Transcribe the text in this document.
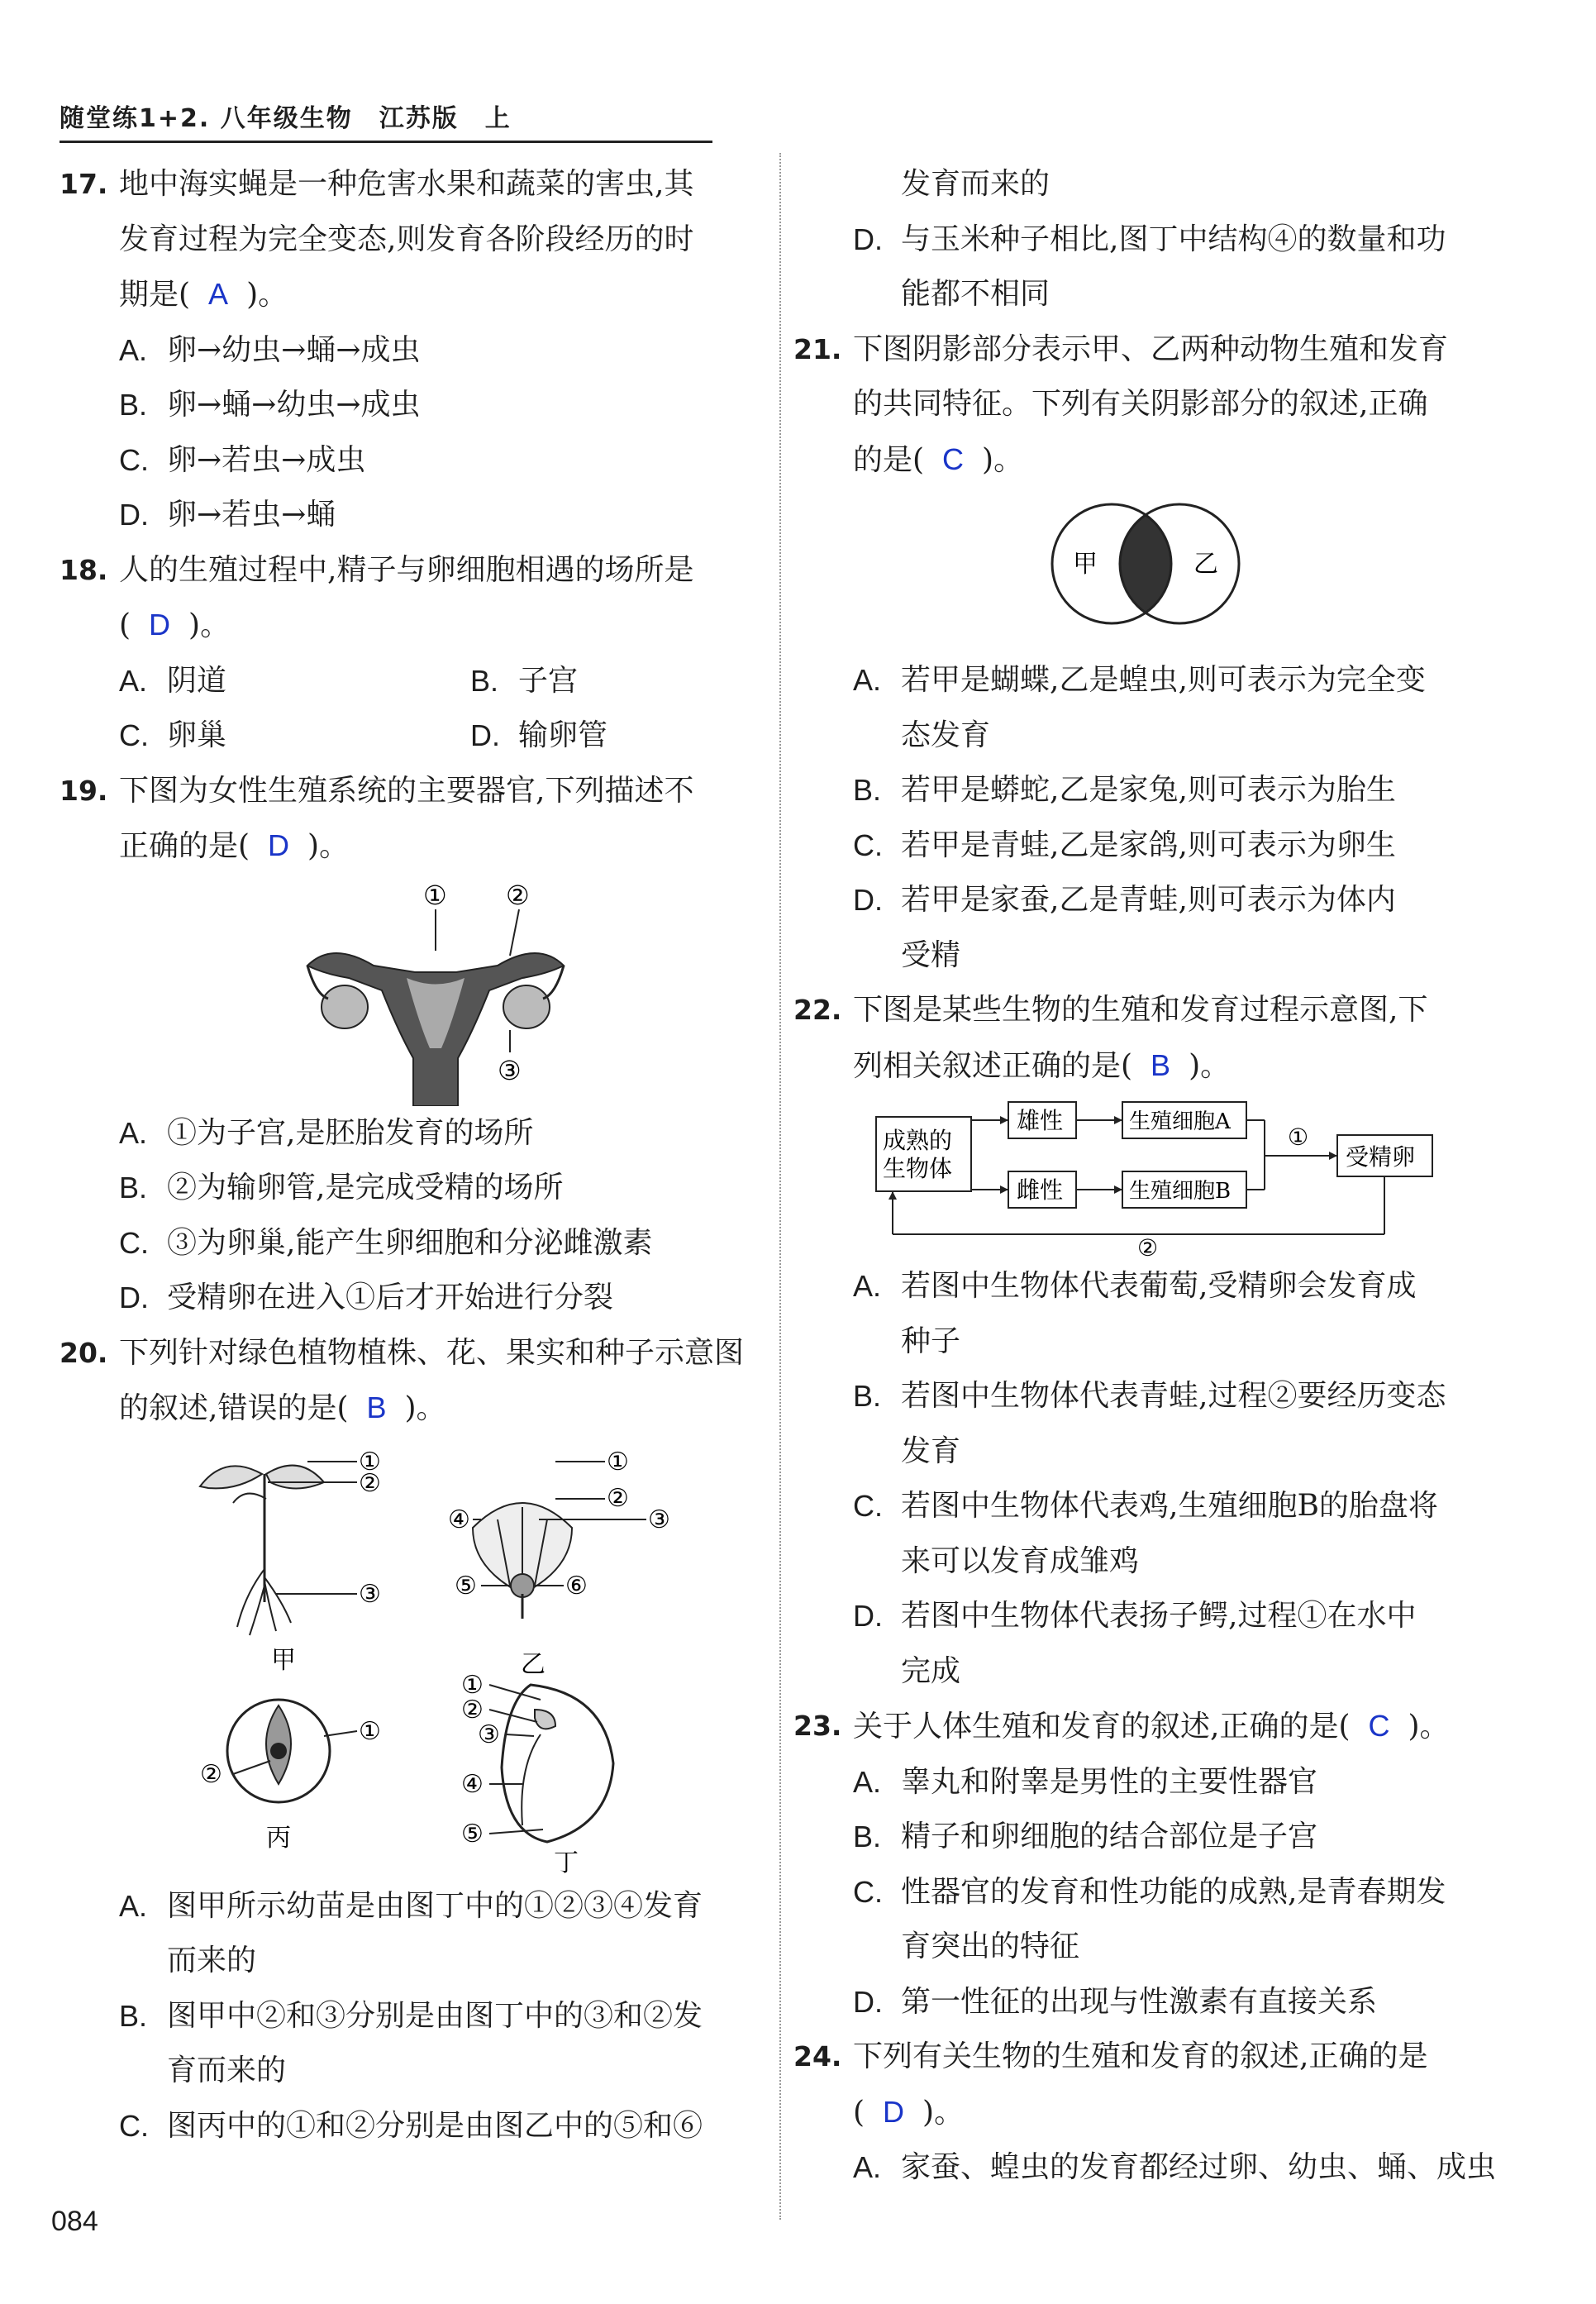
随堂练1+2. 八年级生物　江苏版　上
17. 地中海实蝇是一种危害水果和蔬菜的害虫,其
发育过程为完全变态,则发育各阶段经历的时
期是( A )。
A. 卵→幼虫→蛹→成虫
B. 卵→蛹→幼虫→成虫
C. 卵→若虫→成虫
D. 卵→若虫→蛹
18. 人的生殖过程中,精子与卵细胞相遇的场所是
( D )。
A. 阴道	B. 子宫
C. 卵巢	D. 输卵管
19. 下图为女性生殖系统的主要器官,下列描述不
正确的是( D )。
① ②
③
A. ①为子宫,是胚胎发育的场所
B. ②为输卵管,是完成受精的场所
C. ③为卵巢,能产生卵细胞和分泌雌激素
D. 受精卵在进入①后才开始进行分裂
20. 下列针对绿色植物植株、花、果实和种子示意图
的叙述,错误的是( B )。
①
②
③
甲
①
②
③
④
⑤	⑥
乙
①
②
丙
①
②
③
④
⑤
丁
A. 图甲所示幼苗是由图丁中的①②③④发育
而来的
B. 图甲中②和③分别是由图丁中的③和②发
育而来的
C. 图丙中的①和②分别是由图乙中的⑤和⑥
发育而来的
D. 与玉米种子相比,图丁中结构④的数量和功
能都不相同
21. 下图阴影部分表示甲、乙两种动物生殖和发育
的共同特征。下列有关阴影部分的叙述,正确
的是( C )。
甲	乙
A. 若甲是蝴蝶,乙是蝗虫,则可表示为完全变
态发育
B. 若甲是蟒蛇,乙是家兔,则可表示为胎生
C. 若甲是青蛙,乙是家鸽,则可表示为卵生
D. 若甲是家蚕,乙是青蛙,则可表示为体内
受精
22. 下图是某些生物的生殖和发育过程示意图,下
列相关叙述正确的是( B )。
成熟的
生物体
雄性
雌性
生殖细胞A
生殖细胞B
受精卵
①
②
A. 若图中生物体代表葡萄,受精卵会发育成
种子
B. 若图中生物体代表青蛙,过程②要经历变态
发育
C. 若图中生物体代表鸡,生殖细胞B的胎盘将
来可以发育成雏鸡
D. 若图中生物体代表扬子鳄,过程①在水中
完成
23. 关于人体生殖和发育的叙述,正确的是( C )。
A. 睾丸和附睾是男性的主要性器官
B. 精子和卵细胞的结合部位是子宫
C. 性器官的发育和性功能的成熟,是青春期发
育突出的特征
D. 第一性征的出现与性激素有直接关系
24. 下列有关生物的生殖和发育的叙述,正确的是
( D )。
A. 家蚕、蝗虫的发育都经过卵、幼虫、蛹、成虫
084
